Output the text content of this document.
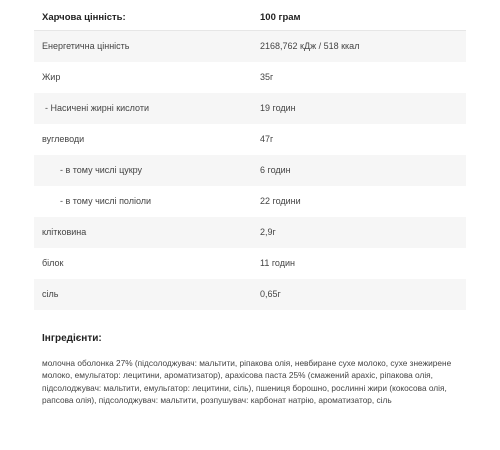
Харчова цінність:	100 грам
Енергетична цінність	2168,762 кДж / 518 ккал
Жир	35г
- Насичені жирні кислоти	19 годин
вуглеводи	47г
- в тому числі цукру	6 годин
- в тому числі поліоли	22 години
клітковина	2,9г
білок	11 годин
сіль	0,65г
Інгредієнти:

молочна оболонка 27% (підсолоджувач: мальтити, ріпакова олія, невбиране сухе молоко, сухе знежирене молоко, емульгатор: лецитини, ароматизатор), арахісова паста 25% (смажений арахіс, ріпакова олія, підсолоджувач: мальтити, емульгатор: лецитини, сіль), пшениця борошно, рослинні жири (кокосова олія, рапсова олія), підсолоджувач: мальтити, розпушувач: карбонат натрію, ароматизатор, сіль
